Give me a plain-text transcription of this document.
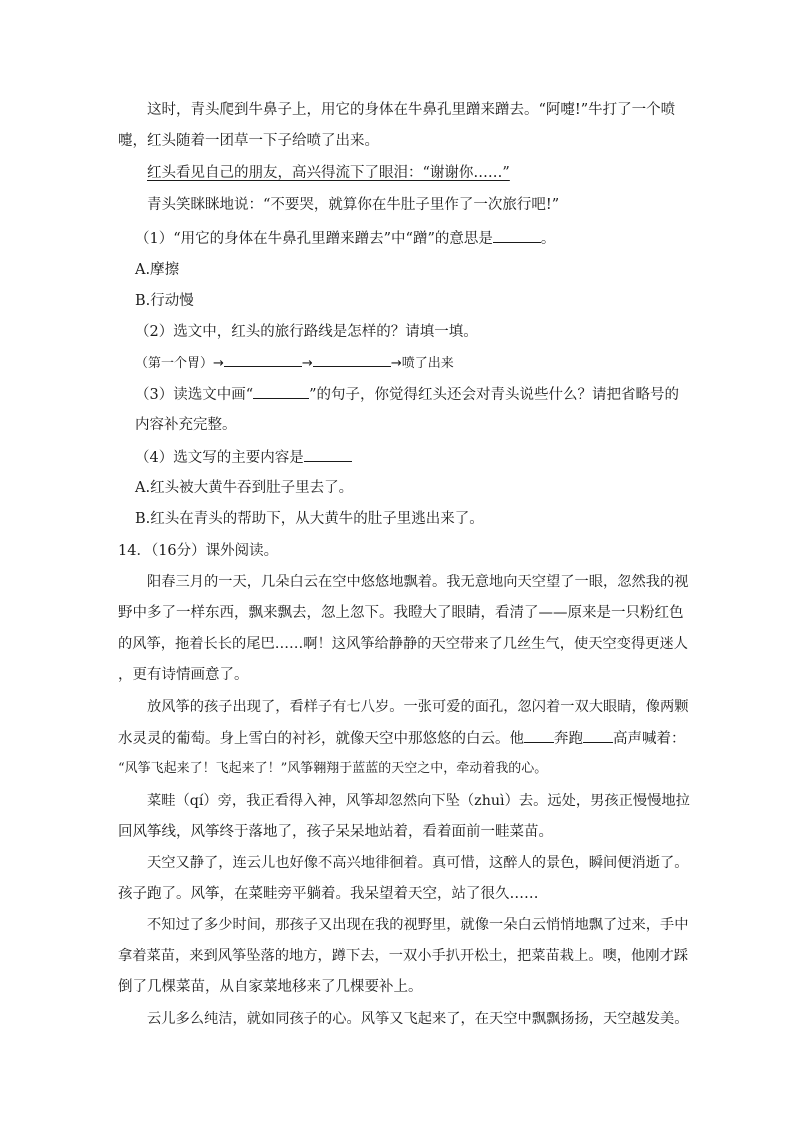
这时，青头爬到牛鼻子上，用它的身体在牛鼻孔里蹭来蹭去。“阿嚏!”牛打了一个喷
嚏，红头随着一团草一下子给喷了出来。
红头看见自己的朋友，高兴得流下了眼泪：“谢谢你……”
青头笑眯眯地说：“不要哭，就算你在牛肚子里作了一次旅行吧!”
（1）“用它的身体在牛鼻孔里蹭来蹭去”中“蹭”的意思是	。
A.摩擦
B.行动慢
（2）选文中，红头的旅行路线是怎样的？请填一填。
（第一个胃）→	→	→喷了出来
（3）读选文中画“	”的句子，你觉得红头还会对青头说些什么？请把省略号的
内容补充完整。
（4）选文写的主要内容是
A.红头被大黄牛吞到肚子里去了。
B.红头在青头的帮助下，从大黄牛的肚子里逃出来了。
14．（16分）课外阅读。
阳春三月的一天，几朵白云在空中悠悠地飘着。我无意地向天空望了一眼，忽然我的视
野中多了一样东西，飘来飘去，忽上忽下。我瞪大了眼睛，看清了——原来是一只粉红色
的风筝，拖着长长的尾巴……啊！这风筝给静静的天空带来了几丝生气，使天空变得更迷人
，更有诗情画意了。
放风筝的孩子出现了，看样子有七八岁。一张可爱的面孔，忽闪着一双大眼睛，像两颗
水灵灵的葡萄。身上雪白的衬衫，就像天空中那悠悠的白云。他 奔跑 高声喊着：
“风筝飞起来了！飞起来了！”风筝翱翔于蓝蓝的天空之中，牵动着我的心。
菜畦（qí）旁，我正看得入神，风筝却忽然向下坠（zhuì）去。远处，男孩正慢慢地拉
回风筝线，风筝终于落地了，孩子呆呆地站着，看着面前一畦菜苗。
天空又静了，连云儿也好像不高兴地徘徊着。真可惜，这醉人的景色，瞬间便消逝了。
孩子跑了。风筝，在菜畦旁平躺着。我呆望着天空，站了很久……
不知过了多少时间，那孩子又出现在我的视野里，就像一朵白云悄悄地飘了过来，手中
拿着菜苗，来到风筝坠落的地方，蹲下去，一双小手扒开松土，把菜苗栽上。噢，他刚才踩
倒了几棵菜苗，从自家菜地移来了几棵要补上。
云儿多么纯洁，就如同孩子的心。风筝又飞起来了，在天空中飘飘扬扬，天空越发美。
